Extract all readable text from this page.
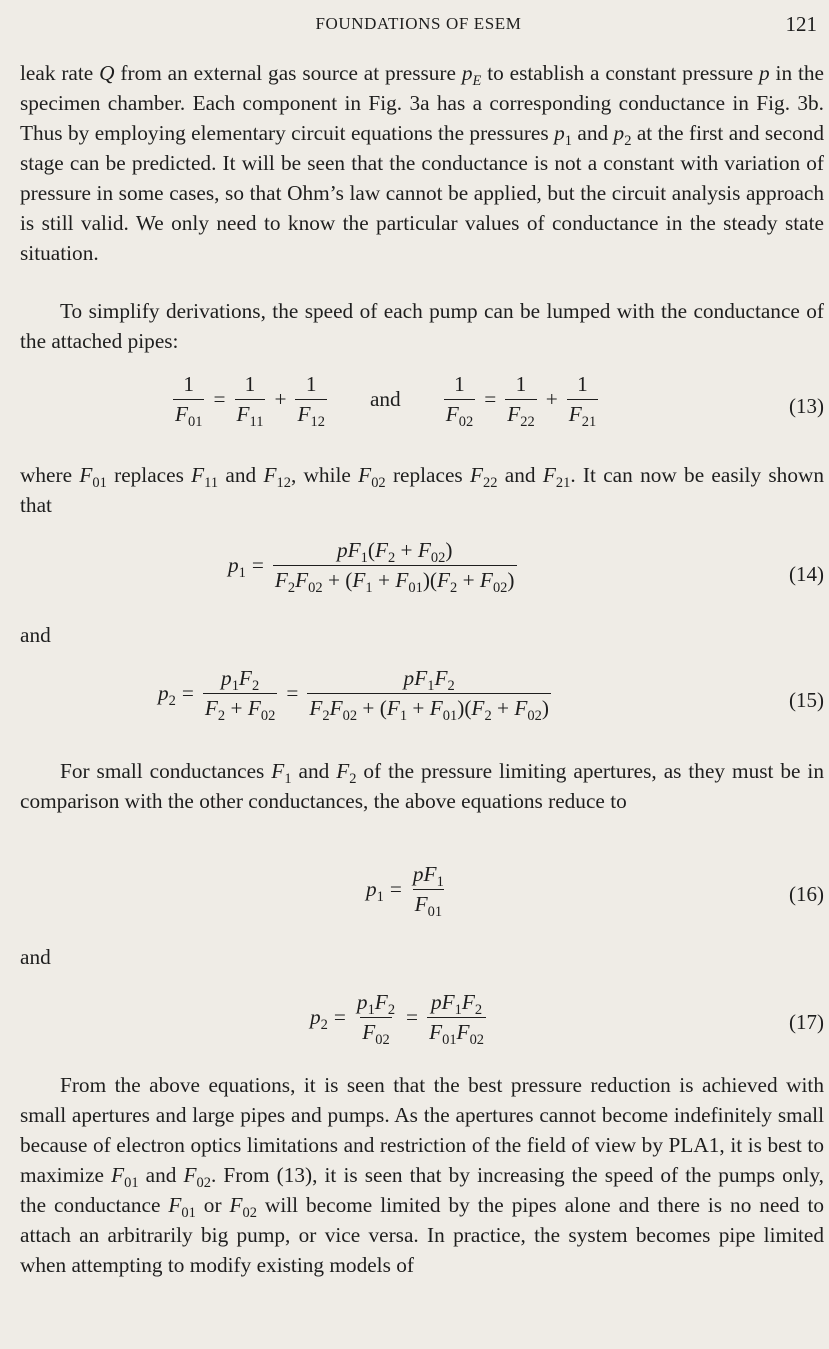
FOUNDATIONS OF ESEM	121

leak rate Q from an external gas source at pressure $p_E$ to establish a constant pressure p in the specimen chamber. Each component in Fig. 3a has a corresponding conductance in Fig. 3b. Thus by employing elementary circuit equations the pressures $p_1$ and $p_2$ at the first and second stage can be predicted. It will be seen that the conductance is not a constant with variation of pressure in some cases, so that Ohm’s law cannot be applied, but the circuit analysis approach is still valid. We only need to know the particular values of conductance in the steady state situation.

To simplify derivations, the speed of each pump can be lumped with the conductance of the attached pipes:

$\frac{1}{F_{01}} = \frac{1}{F_{11}} + \frac{1}{F_{12}}$ and $\frac{1}{F_{02}} = \frac{1}{F_{22}} + \frac{1}{F_{21}}$	(13)

where $F_{01}$ replaces $F_{11}$ and $F_{12}$, while $F_{02}$ replaces $F_{22}$ and $F_{21}$. It can now be easily shown that

$p_1 = \frac{pF_1(F_2 + F_{02})}{F_2F_{02} + (F_1 + F_{01})(F_2 + F_{02})}$	(14)

and

$p_2 = \frac{p_1F_2}{F_2 + F_{02}} = \frac{pF_1F_2}{F_2F_{02} + (F_1 + F_{01})(F_2 + F_{02})}$	(15)

For small conductances $F_1$ and $F_2$ of the pressure limiting apertures, as they must be in comparison with the other conductances, the above equations reduce to

$p_1 = \frac{pF_1}{F_{01}}$	(16)

and

$p_2 = \frac{p_1F_2}{F_{02}} = \frac{pF_1F_2}{F_{01}F_{02}}$	(17)

From the above equations, it is seen that the best pressure reduction is achieved with small apertures and large pipes and pumps. As the apertures cannot become indefinitely small because of electron optics limitations and restriction of the field of view by PLA1, it is best to maximize $F_{01}$ and $F_{02}$. From (13), it is seen that by increasing the speed of the pumps only, the conductance $F_{01}$ or $F_{02}$ will become limited by the pipes alone and there is no need to attach an arbitrarily big pump, or vice versa. In practice, the system becomes pipe limited when attempting to modify existing models of
